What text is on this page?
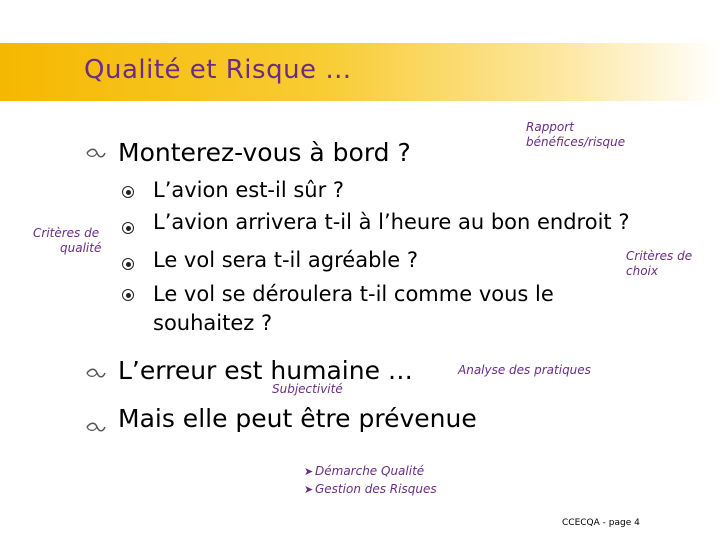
Qualité et Risque …
Monterez-vous à bord ?
L’erreur est humaine …
Mais elle peut être prévenue
L’avion est-il sûr ?
L’avion arrivera t-il à l’heure au bon endroit ?
Le vol sera t-il agréable ?
Le vol se déroulera t-il comme vous le
souhaitez ?
Rapport
bénéfices/risque
Critères de
qualité
Critères de
choix
Analyse des pratiques
Subjectivité
➤ Démarche Qualité
➤ Gestion des Risques
CCECQA - page 4
